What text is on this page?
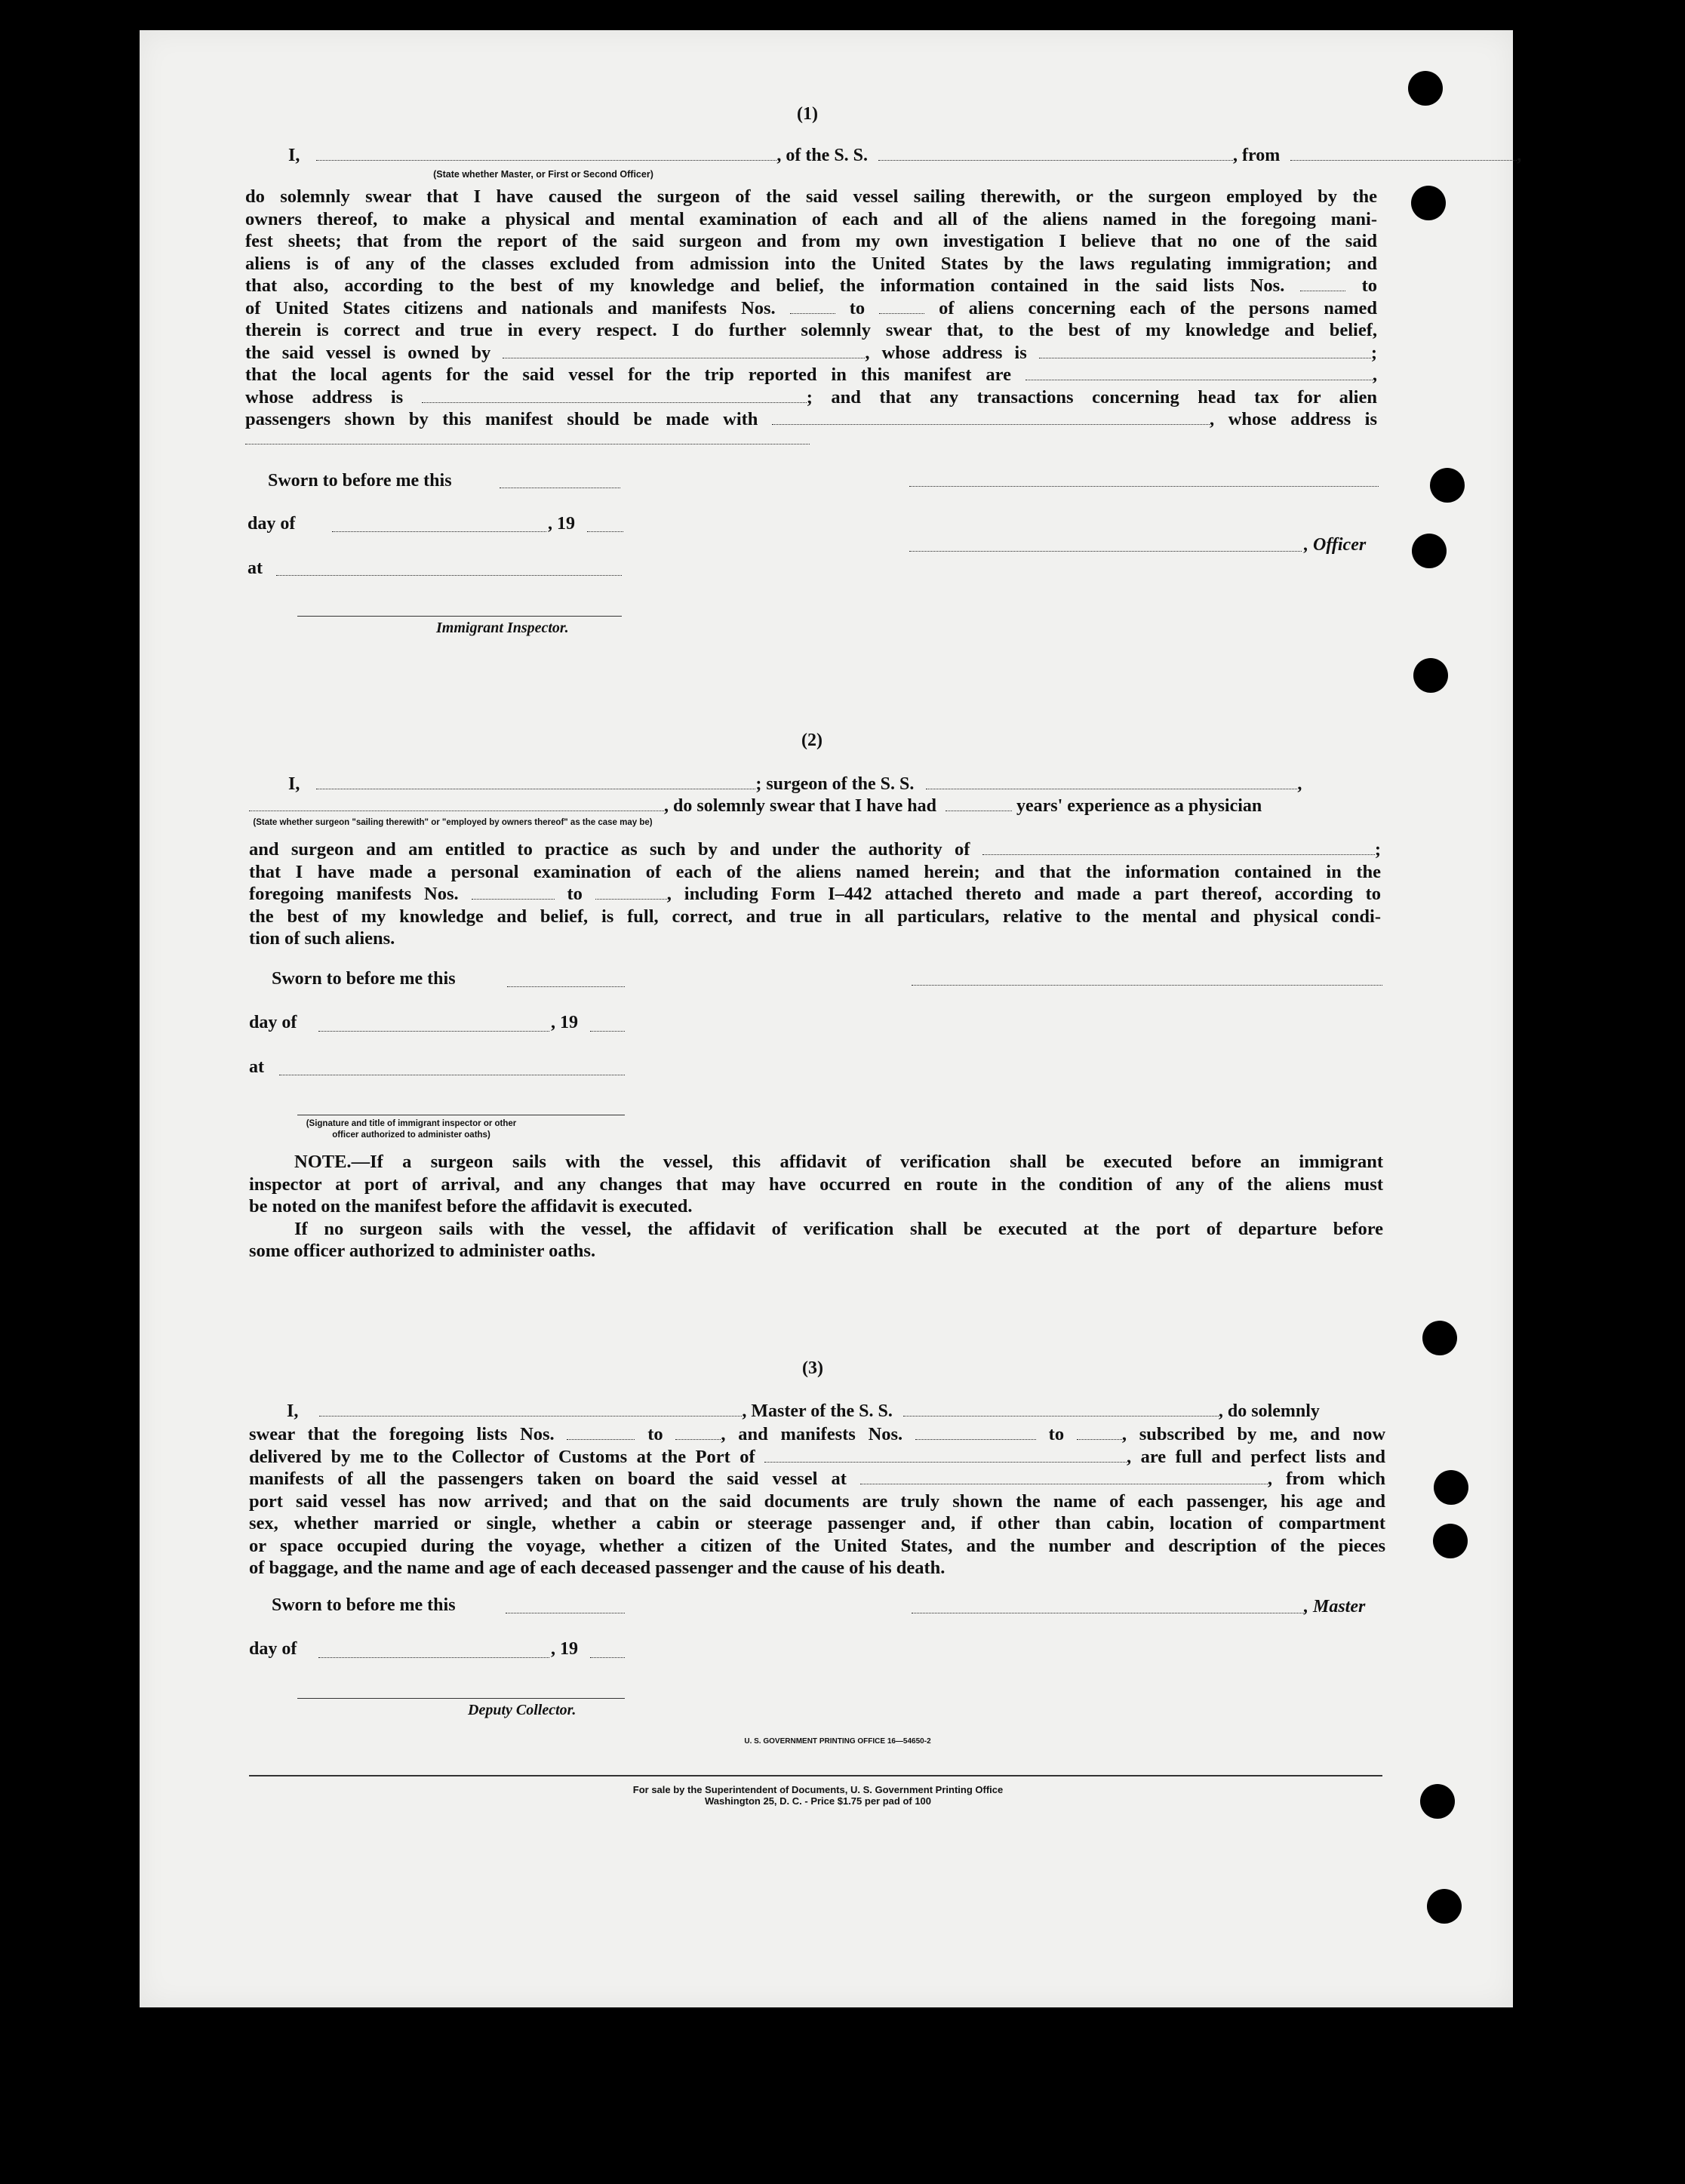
(1)
I,	, of the S. S.	, from	,
(State whether Master, or First or Second Officer)
do solemnly swear that I have caused the surgeon of the said vessel sailing therewith, or the surgeon employed by the
owners thereof, to make a physical and mental examination of each and all of the aliens named in the foregoing mani-
fest sheets; that from the report of the said surgeon and from my own investigation I believe that no one of the said
aliens is of any of the classes excluded from admission into the United States by the laws regulating immigration; and
that also, according to the best of my knowledge and belief, the information contained in the said lists Nos.	to
of United States citizens and nationals and manifests Nos.	to	of aliens concerning each of the persons named
therein is correct and true in every respect. I do further solemnly swear that, to the best of my knowledge and belief,
the said vessel is owned by	, whose address is	;
that the local agents for the said vessel for the trip reported in this manifest are	,
whose address is	; and that any transactions concerning head tax for alien
passengers shown by this manifest should be made with	, whose address is
Sworn to before me this
day of	, 19
, Officer
at
Immigrant Inspector.
(2)
I,	; surgeon of the S. S.	,
, do solemnly swear that I have had	years' experience as a physician
(State whether surgeon "sailing therewith" or "employed by owners thereof" as the case may be)
and surgeon and am entitled to practice as such by and under the authority of	;
that I have made a personal examination of each of the aliens named herein; and that the information contained in the
foregoing manifests Nos.	to	, including Form I–442 attached thereto and made a part thereof, according to
the best of my knowledge and belief, is full, correct, and true in all particulars, relative to the mental and physical condi-
tion of such aliens.
Sworn to before me this
day of	, 19
at
(Signature and title of immigrant inspector or other officer authorized to administer oaths)
NOTE.—If a surgeon sails with the vessel, this affidavit of verification shall be executed before an immigrant
inspector at port of arrival, and any changes that may have occurred en route in the condition of any of the aliens must
be noted on the manifest before the affidavit is executed.
If no surgeon sails with the vessel, the affidavit of verification shall be executed at the port of departure before
some officer authorized to administer oaths.
(3)
I,	, Master of the S. S.	, do solemnly
swear that the foregoing lists Nos.	to	, and manifests Nos.	to	, subscribed by me, and now
delivered by me to the Collector of Customs at the Port of	, are full and perfect lists and
manifests of all the passengers taken on board the said vessel at	, from which
port said vessel has now arrived; and that on the said documents are truly shown the name of each passenger, his age and
sex, whether married or single, whether a cabin or steerage passenger and, if other than cabin, location of compartment
or space occupied during the voyage, whether a citizen of the United States, and the number and description of the pieces
of baggage, and the name and age of each deceased passenger and the cause of his death.
Sworn to before me this	, Master
day of	, 19
Deputy Collector.
U. S. GOVERNMENT PRINTING OFFICE 16—54650-2
For sale by the Superintendent of Documents, U. S. Government Printing Office
Washington 25, D. C. - Price $1.75 per pad of 100
